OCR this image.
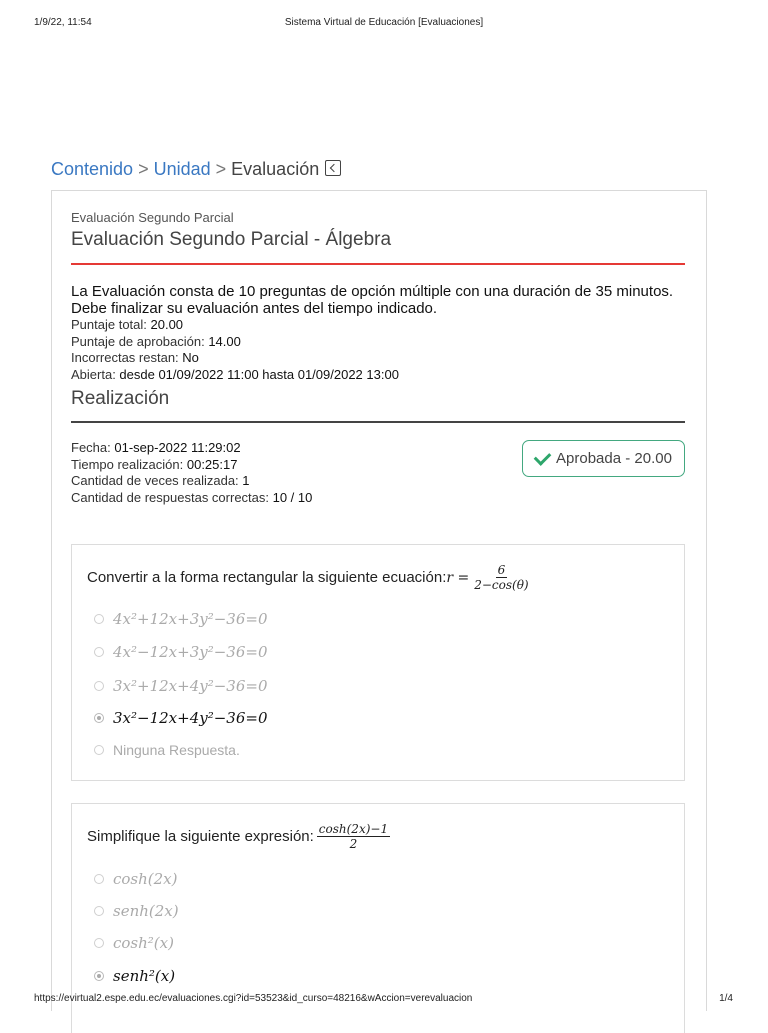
1/9/22, 11:54	Sistema Virtual de Educación [Evaluaciones]
Contenido > Unidad > Evaluación
Evaluación Segundo Parcial
Evaluación Segundo Parcial - Álgebra
La Evaluación consta de 10 preguntas de opción múltiple con una duración de 35 minutos. Debe finalizar su evaluación antes del tiempo indicado.
Puntaje total: 20.00
Puntaje de aprobación: 14.00
Incorrectas restan: No
Abierta: desde 01/09/2022 11:00 hasta 01/09/2022 13:00
Realización
Fecha: 01-sep-2022 11:29:02
Tiempo realización: 00:25:17
Cantidad de veces realizada: 1
Cantidad de respuestas correctas: 10 / 10
Aprobada - 20.00
Convertir a la forma rectangular la siguiente ecuación: $r = \frac{6}{2-\cos(\theta)}$
4x²+12x+3y²−36=0
4x²−12x+3y²−36=0
3x²+12x+4y²−36=0
3x²−12x+4y²−36=0
Ninguna Respuesta.
Simplifique la siguiente expresión: $\frac{\cosh(2x)-1}{2}$
cosh(2x)
senh(2x)
cosh²(x)
senh²(x)
https://evirtual2.espe.edu.ec/evaluaciones.cgi?id=53523&id_curso=48216&wAccion=verevaluacion	1/4
